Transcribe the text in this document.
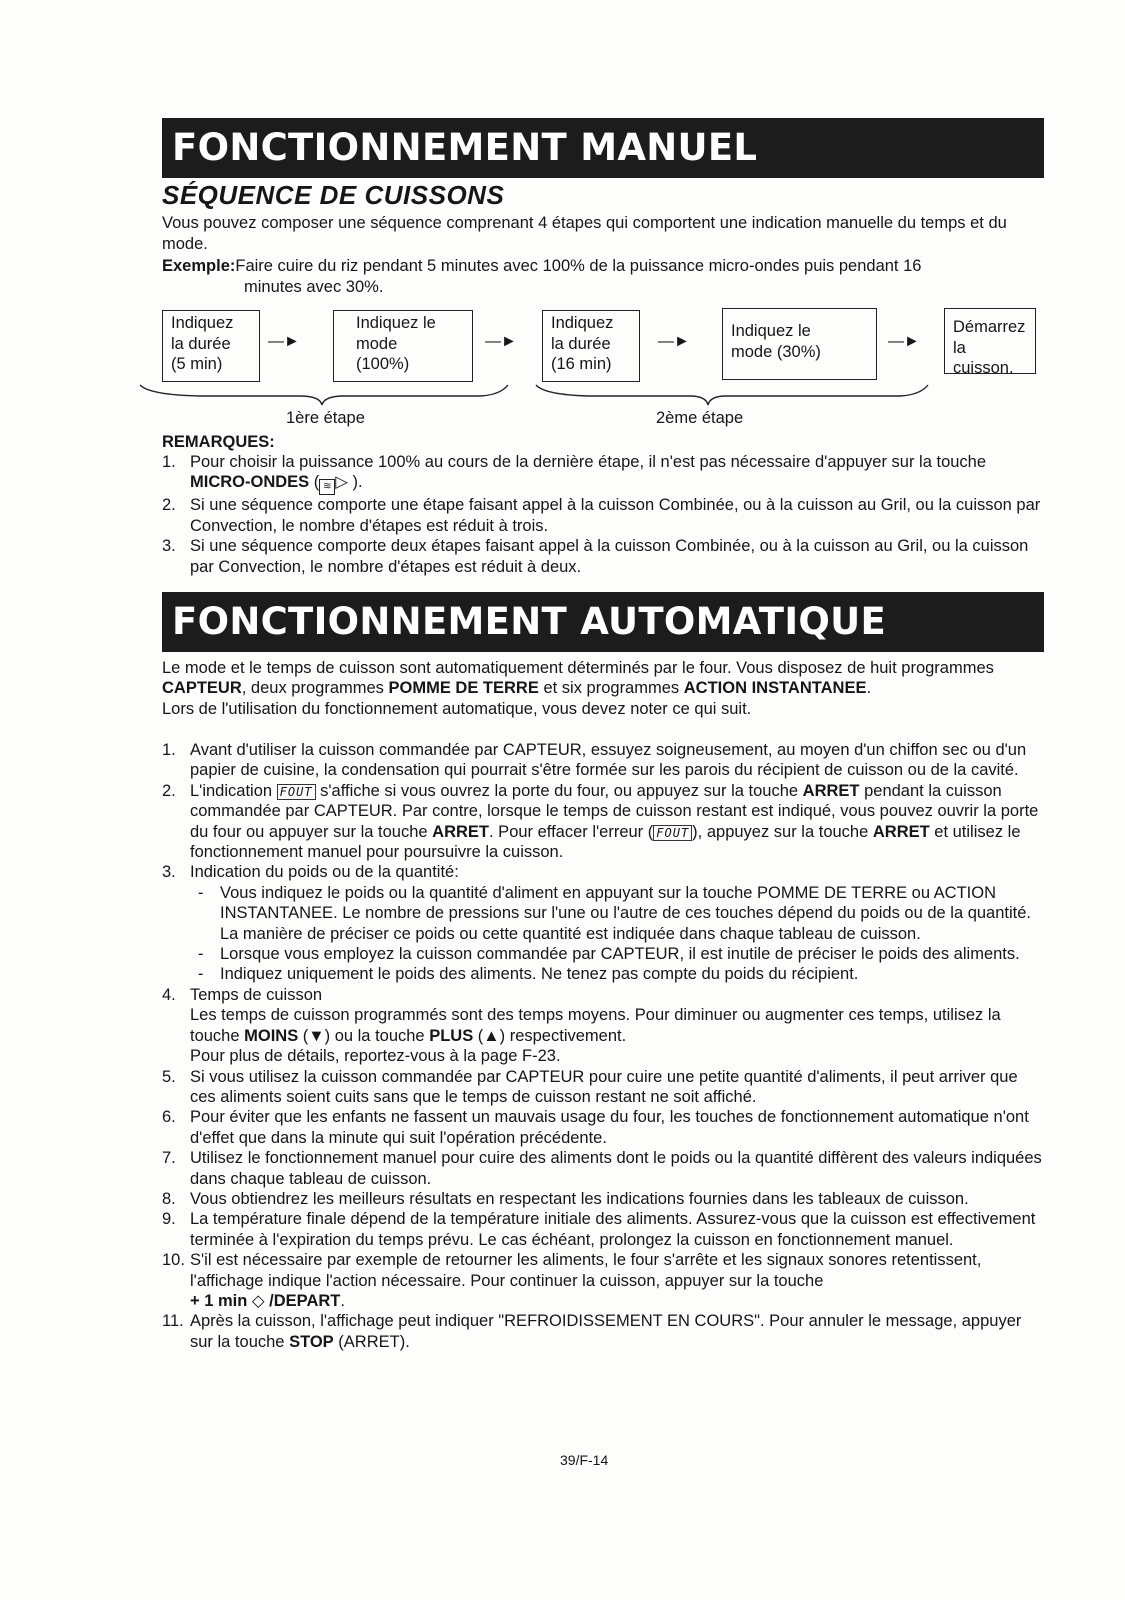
FONCTIONNEMENT MANUEL
SÉQUENCE DE CUISSONS
Vous pouvez composer une séquence comprenant 4 étapes qui comportent une indication manuelle du temps et du mode.
Exemple:Faire cuire du riz pendant 5 minutes avec 100% de la puissance micro-ondes puis pendant 16
minutes avec 30%.
Indiquez
la durée
(5 min)
—►
Indiquez le
mode
(100%)
—►
Indiquez
la durée
(16 min)
—►
Indiquez le
mode (30%)
—►
Démarrez
la cuisson.
1ère étape	2ème étape
REMARQUES:
1. Pour choisir la puissance 100% au cours de la dernière étape, il n'est pas nécessaire d'appuyer sur la touche MICRO-ONDES ( ≋ ▷ ).
2. Si une séquence comporte une étape faisant appel à la cuisson Combinée, ou à la cuisson au Gril, ou la cuisson par Convection, le nombre d'étapes est réduit à trois.
3. Si une séquence comporte deux étapes faisant appel à la cuisson Combinée, ou à la cuisson au Gril, ou la cuisson par Convection, le nombre d'étapes est réduit à deux.
FONCTIONNEMENT AUTOMATIQUE
Le mode et le temps de cuisson sont automatiquement déterminés par le four. Vous disposez de huit programmes CAPTEUR, deux programmes POMME DE TERRE et six programmes ACTION INSTANTANEE.
Lors de l'utilisation du fonctionnement automatique, vous devez noter ce qui suit.
1. Avant d'utiliser la cuisson commandée par CAPTEUR, essuyez soigneusement, au moyen d'un chiffon sec ou d'un papier de cuisine, la condensation qui pourrait s'être formée sur les parois du récipient de cuisson ou de la cavité.
2. L'indication FOUT s'affiche si vous ouvrez la porte du four, ou appuyez sur la touche ARRET pendant la cuisson commandée par CAPTEUR. Par contre, lorsque le temps de cuisson restant est indiqué, vous pouvez ouvrir la porte du four ou appuyer sur la touche ARRET. Pour effacer l'erreur ( FOUT ), appuyez sur la touche ARRET et utilisez le fonctionnement manuel pour poursuivre la cuisson.
3. Indication du poids ou de la quantité:
- Vous indiquez le poids ou la quantité d'aliment en appuyant sur la touche POMME DE TERRE ou ACTION INSTANTANEE. Le nombre de pressions sur l'une ou l'autre de ces touches dépend du poids ou de la quantité. La manière de préciser ce poids ou cette quantité est indiquée dans chaque tableau de cuisson.
- Lorsque vous employez la cuisson commandée par CAPTEUR, il est inutile de préciser le poids des aliments.
- Indiquez uniquement le poids des aliments. Ne tenez pas compte du poids du récipient.
4. Temps de cuisson
Les temps de cuisson programmés sont des temps moyens. Pour diminuer ou augmenter ces temps, utilisez la touche MOINS (▼) ou la touche PLUS (▲) respectivement.
Pour plus de détails, reportez-vous à la page F-23.
5. Si vous utilisez la cuisson commandée par CAPTEUR pour cuire une petite quantité d'aliments, il peut arriver que ces aliments soient cuits sans que le temps de cuisson restant ne soit affiché.
6. Pour éviter que les enfants ne fassent un mauvais usage du four, les touches de fonctionnement automatique n'ont d'effet que dans la minute qui suit l'opération précédente.
7. Utilisez le fonctionnement manuel pour cuire des aliments dont le poids ou la quantité diffèrent des valeurs indiquées dans chaque tableau de cuisson.
8. Vous obtiendrez les meilleurs résultats en respectant les indications fournies dans les tableaux de cuisson.
9. La température finale dépend de la température initiale des aliments. Assurez-vous que la cuisson est effectivement terminée à l'expiration du temps prévu. Le cas échéant, prolongez la cuisson en fonctionnement manuel.
10. S'il est nécessaire par exemple de retourner les aliments, le four s'arrête et les signaux sonores retentissent, l'affichage indique l'action nécessaire. Pour continuer la cuisson, appuyer sur la touche
+ 1 min ◇ /DEPART.
11. Après la cuisson, l'affichage peut indiquer "REFROIDISSEMENT EN COURS". Pour annuler le message, appuyer sur la touche STOP (ARRET).
39/F-14
